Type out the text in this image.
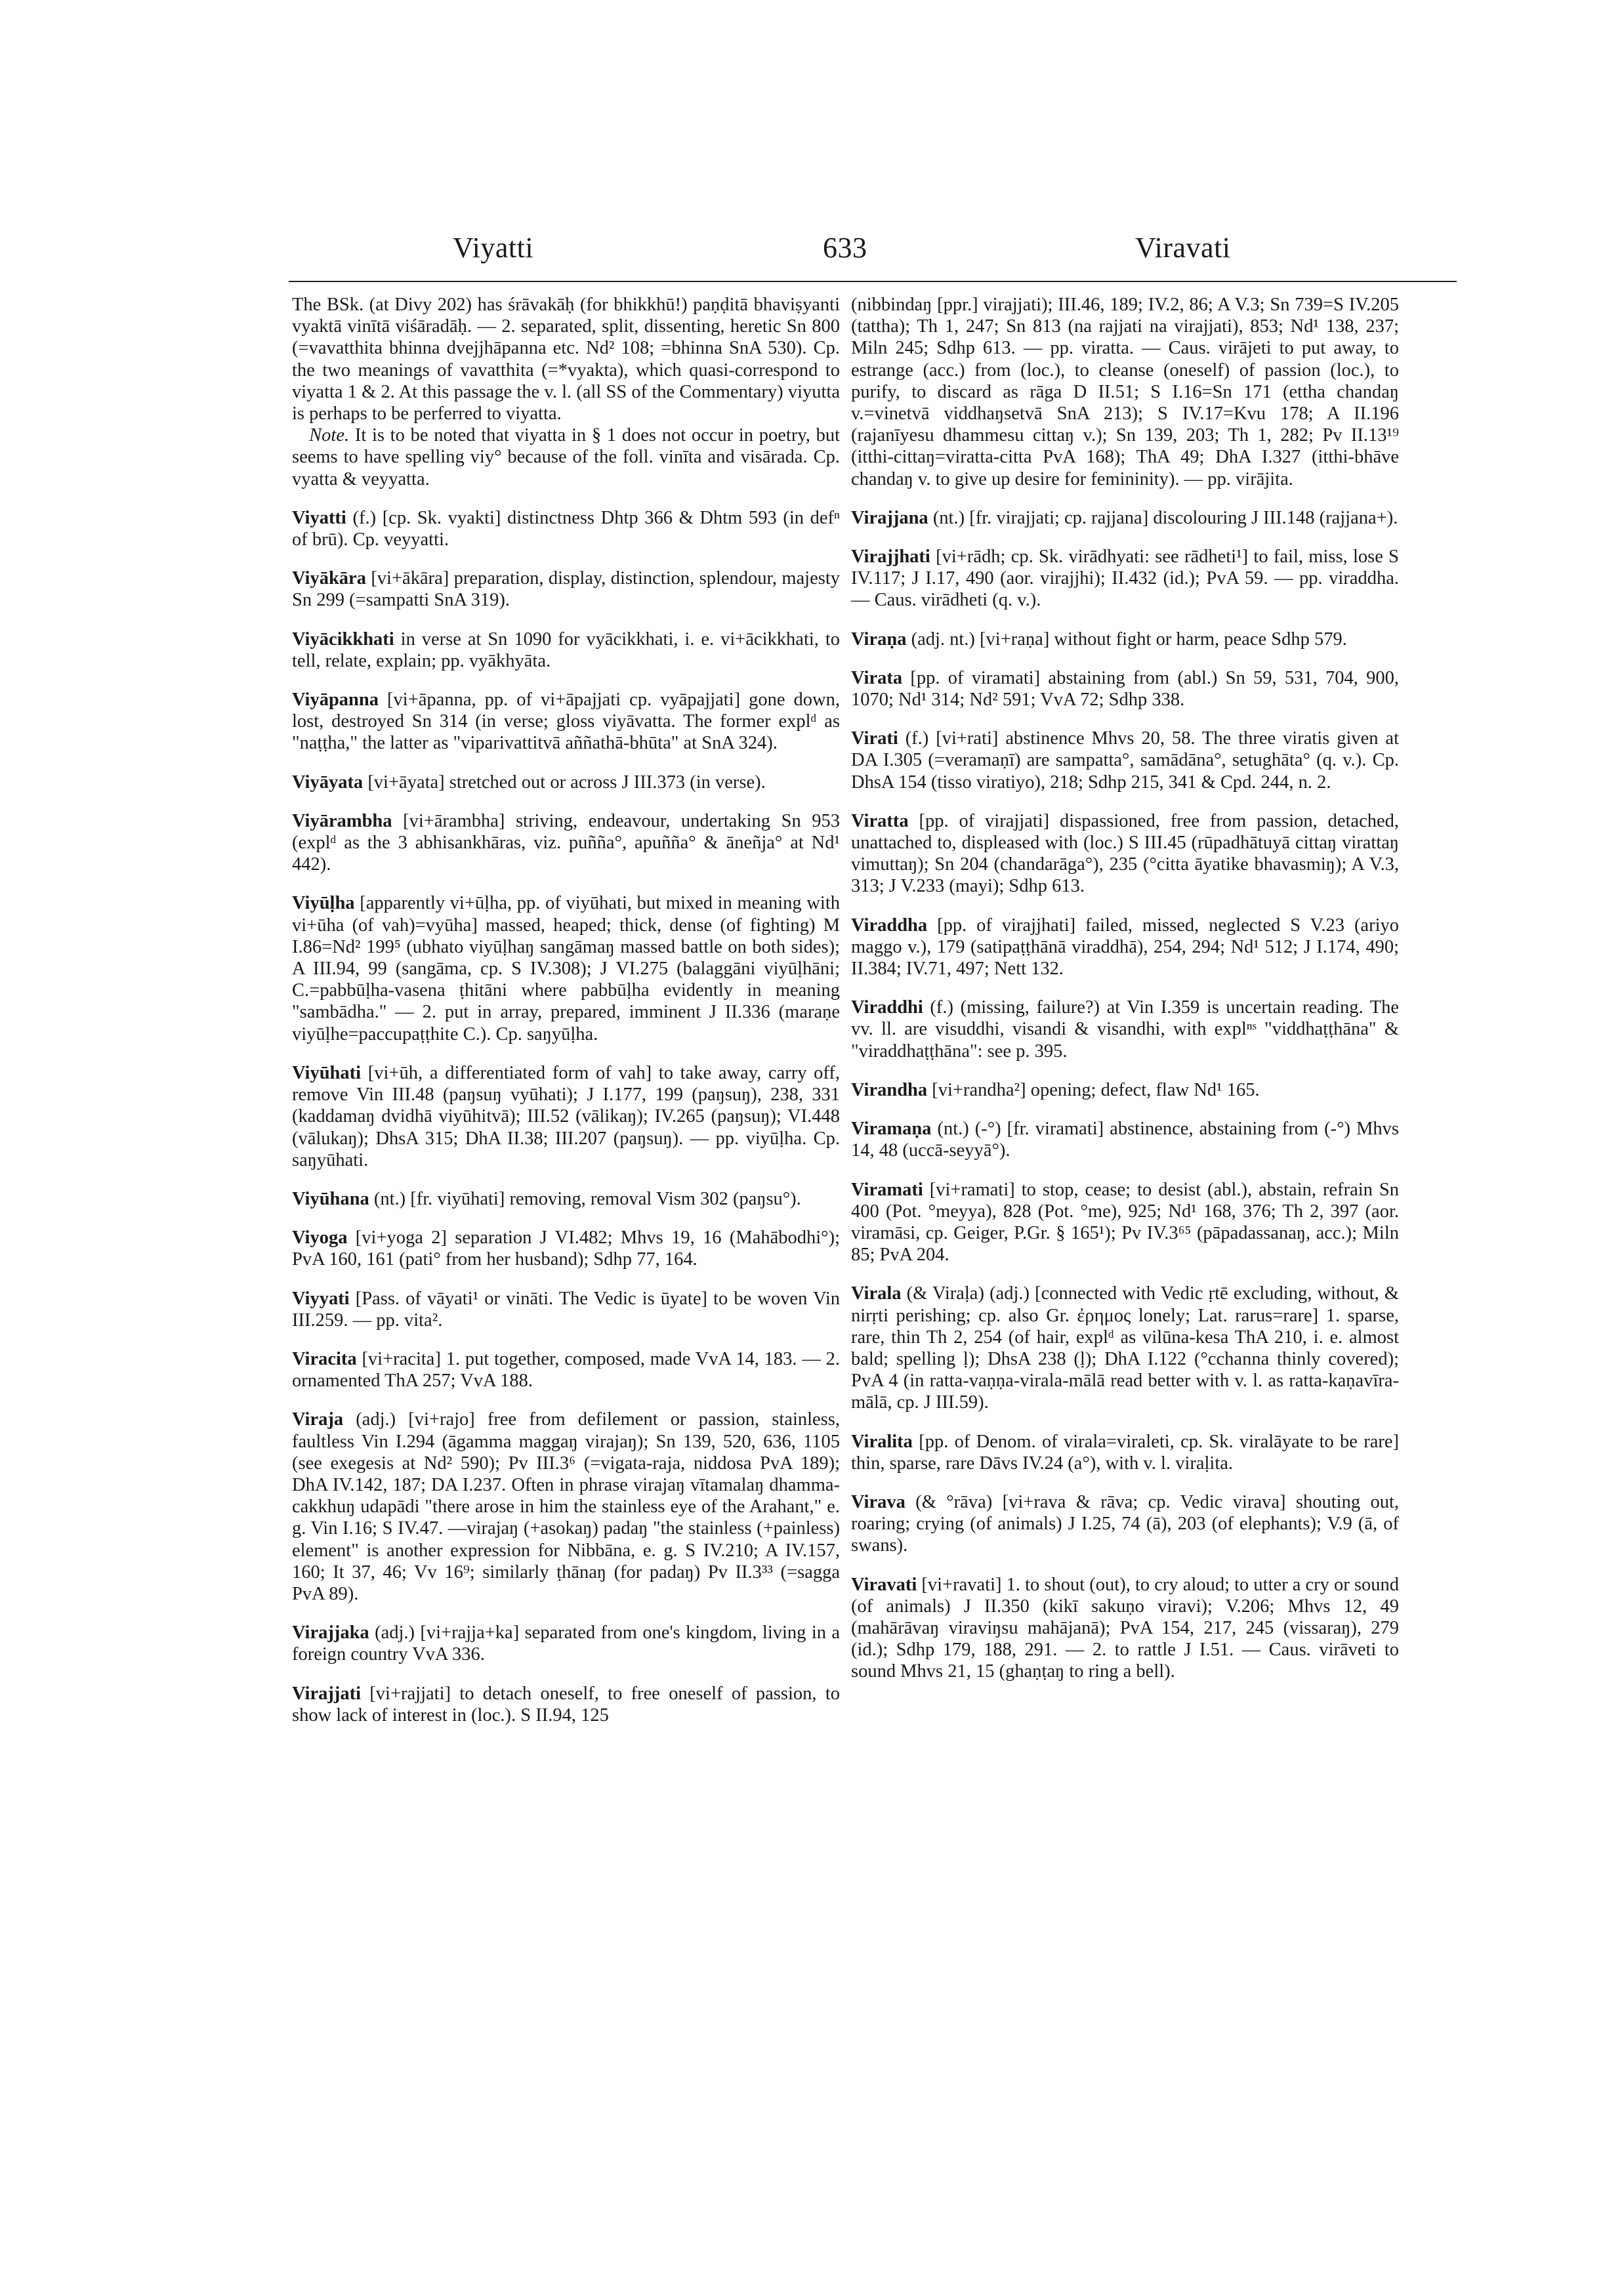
Viyatti	633	Viravati

The BSk. (at Divy 202) has śrāvakāḥ (for bhikkhū!) paṇḍitā bhaviṣyanti vyaktā vinītā viśāradāḥ. — 2. separated, split, dissenting, heretic Sn 800 (=vavatthita bhinna dvejjhāpanna etc. Nd² 108; =bhinna SnA 530). Cp. the two meanings of vavatthita (=*vyakta), which quasi-correspond to viyatta 1 & 2. At this passage the v. l. (all SS of the Commentary) viyutta is perhaps to be perferred to viyatta.

Note. It is to be noted that viyatta in § 1 does not occur in poetry, but seems to have spelling viy° because of the foll. vinīta and visārada. Cp. vyatta & veyyatta.

Viyatti (f.) [cp. Sk. vyakti] distinctness Dhtp 366 & Dhtm 593 (in defⁿ of brū). Cp. veyyatti.
Viyākāra [vi+ākāra] preparation, display, distinction, splendour, majesty Sn 299 (=sampatti SnA 319).
Viyācikkhati in verse at Sn 1090 for vyācikkhati, i. e. vi+ācikkhati, to tell, relate, explain; pp. vyākhyāta.
Viyāpanna [vi+āpanna, pp. of vi+āpajjati cp. vyāpajjati] gone down, lost, destroyed Sn 314 (in verse; gloss viyāvatta. The former explᵈ as "naṭṭha," the latter as "viparivattitvā aññathā-bhūta" at SnA 324).
Viyāyata [vi+āyata] stretched out or across J III.373 (in verse).
Viyārambha [vi+ārambha] striving, endeavour, undertaking Sn 953 (explᵈ as the 3 abhisankhāras, viz. puñña°, apuñña° & āneñja° at Nd¹ 442).
Viyūḷha [apparently vi+ūḷha, pp. of viyūhati, but mixed in meaning with vi+ūha (of vah)=vyūha] massed, heaped; thick, dense (of fighting) M I.86=Nd² 199⁵ (ubhato viyūḷhaŋ sangāmaŋ massed battle on both sides); A III.94, 99 (sangāma, cp. S IV.308); J VI.275 (balaggāni viyūḷhāni; C.=pabbūḷha-vasena ṭhitāni where pabbūḷha evidently in meaning "sambādha." — 2. put in array, prepared, imminent J II.336 (maraṇe viyūḷhe=paccupaṭṭhite C.). Cp. saŋyūḷha.
Viyūhati [vi+ūh, a differentiated form of vah] to take away, carry off, remove Vin III.48 (paŋsuŋ vyūhati); J I.177, 199 (paŋsuŋ), 238, 331 (kaddamaŋ dvidhā viyūhitvā); III.52 (vālikaŋ); IV.265 (paŋsuŋ); VI.448 (vālukaŋ); DhsA 315; DhA II.38; III.207 (paŋsuŋ). — pp. viyūḷha. Cp. saŋyūhati.
Viyūhana (nt.) [fr. viyūhati] removing, removal Vism 302 (paŋsu°).
Viyoga [vi+yoga 2] separation J VI.482; Mhvs 19, 16 (Mahābodhi°); PvA 160, 161 (pati° from her husband); Sdhp 77, 164.
Viyyati [Pass. of vāyati¹ or vināti. The Vedic is ūyate] to be woven Vin III.259. — pp. vita².
Viracita [vi+racita] 1. put together, composed, made VvA 14, 183. — 2. ornamented ThA 257; VvA 188.
Viraja (adj.) [vi+rajo] free from defilement or passion, stainless, faultless Vin I.294 (āgamma maggaŋ virajaŋ); Sn 139, 520, 636, 1105 (see exegesis at Nd² 590); Pv III.3⁶ (=vigata-raja, niddosa PvA 189); DhA IV.142, 187; DA I.237. Often in phrase virajaŋ vītamalaŋ dhamma-cakkhuŋ udapādi "there arose in him the stainless eye of the Arahant," e. g. Vin I.16; S IV.47. —virajaŋ (+asokaŋ) padaŋ "the stainless (+painless) element" is another expression for Nibbāna, e. g. S IV.210; A IV.157, 160; It 37, 46; Vv 16⁹; similarly ṭhānaŋ (for padaŋ) Pv II.3³³ (=sagga PvA 89).
Virajjaka (adj.) [vi+rajja+ka] separated from one's kingdom, living in a foreign country VvA 336.
Virajjati [vi+rajjati] to detach oneself, to free oneself of passion, to show lack of interest in (loc.). S II.94, 125

(nibbindaŋ [ppr.] virajjati); III.46, 189; IV.2, 86; A V.3; Sn 739=S IV.205 (tattha); Th 1, 247; Sn 813 (na rajjati na virajjati), 853; Nd¹ 138, 237; Miln 245; Sdhp 613. — pp. viratta. — Caus. virājeti to put away, to estrange (acc.) from (loc.), to cleanse (oneself) of passion (loc.), to purify, to discard as rāga D II.51; S I.16=Sn 171 (ettha chandaŋ v.=vinetvā viddhaŋsetvā SnA 213); S IV.17=Kvu 178; A II.196 (rajanīyesu dhammesu cittaŋ v.); Sn 139, 203; Th 1, 282; Pv II.13¹⁹ (itthi-cittaŋ=viratta-citta PvA 168); ThA 49; DhA I.327 (itthi-bhāve chandaŋ v. to give up desire for femininity). — pp. virājita.

Virajjana (nt.) [fr. virajjati; cp. rajjana] discolouring J III.148 (rajjana+).
Virajjhati [vi+rādh; cp. Sk. virādhyati: see rādheti¹] to fail, miss, lose S IV.117; J I.17, 490 (aor. virajjhi); II.432 (id.); PvA 59. — pp. viraddha. — Caus. virādheti (q. v.).
Viraṇa (adj. nt.) [vi+raṇa] without fight or harm, peace Sdhp 579.
Virata [pp. of viramati] abstaining from (abl.) Sn 59, 531, 704, 900, 1070; Nd¹ 314; Nd² 591; VvA 72; Sdhp 338.
Virati (f.) [vi+rati] abstinence Mhvs 20, 58. The three viratis given at DA I.305 (=veramaṇī) are sampatta°, samādāna°, setughāta° (q. v.). Cp. DhsA 154 (tisso viratiyo), 218; Sdhp 215, 341 & Cpd. 244, n. 2.
Viratta [pp. of virajjati] dispassioned, free from passion, detached, unattached to, displeased with (loc.) S III.45 (rūpadhātuyā cittaŋ virattaŋ vimuttaŋ); Sn 204 (chandarāga°), 235 (°citta āyatike bhavasmiŋ); A V.3, 313; J V.233 (mayi); Sdhp 613.
Viraddha [pp. of virajjhati] failed, missed, neglected S V.23 (ariyo maggo v.), 179 (satipaṭṭhānā viraddhā), 254, 294; Nd¹ 512; J I.174, 490; II.384; IV.71, 497; Nett 132.
Viraddhi (f.) (missing, failure?) at Vin I.359 is uncertain reading. The vv. ll. are visuddhi, visandi & visandhi, with explⁿˢ "viddhaṭṭhāna" & "viraddhaṭṭhāna": see p. 395.
Virandha [vi+randha²] opening; defect, flaw Nd¹ 165.
Viramaṇa (nt.) (-°) [fr. viramati] abstinence, abstaining from (-°) Mhvs 14, 48 (uccā-seyyā°).
Viramati [vi+ramati] to stop, cease; to desist (abl.), abstain, refrain Sn 400 (Pot. °meyya), 828 (Pot. °me), 925; Nd¹ 168, 376; Th 2, 397 (aor. viramāsi, cp. Geiger, P.Gr. § 165¹); Pv IV.3⁶⁵ (pāpadassanaŋ, acc.); Miln 85; PvA 204.
Virala (& Viraḷa) (adj.) [connected with Vedic ṛtē excluding, without, & nirṛti perishing; cp. also Gr. ἐρημος lonely; Lat. rarus=rare] 1. sparse, rare, thin Th 2, 254 (of hair, explᵈ as vilūna-kesa ThA 210, i. e. almost bald; spelling ḷ); DhsA 238 (ḷ); DhA I.122 (°cchanna thinly covered); PvA 4 (in ratta-vaṇṇa-virala-mālā read better with v. l. as ratta-kaṇavīra-mālā, cp. J III.59).
Viralita [pp. of Denom. of virala=viraleti, cp. Sk. viralāyate to be rare] thin, sparse, rare Dāvs IV.24 (a°), with v. l. viraḷita.
Virava (& °rāva) [vi+rava & rāva; cp. Vedic virava] shouting out, roaring; crying (of animals) J I.25, 74 (ā), 203 (of elephants); V.9 (ā, of swans).
Viravati [vi+ravati] 1. to shout (out), to cry aloud; to utter a cry or sound (of animals) J II.350 (kikī sakuṇo viravi); V.206; Mhvs 12, 49 (mahārāvaŋ viraviŋsu mahājanā); PvA 154, 217, 245 (vissaraŋ), 279 (id.); Sdhp 179, 188, 291. — 2. to rattle J I.51. — Caus. virāveti to sound Mhvs 21, 15 (ghaṇṭaŋ to ring a bell).
